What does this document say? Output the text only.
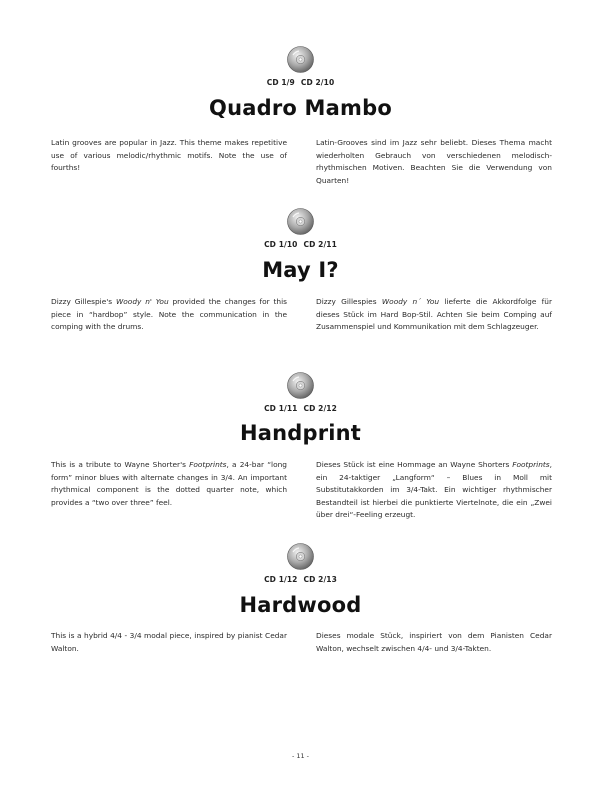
CD 1/9 CD 2/10
Quadro Mambo
Latin grooves are popular in Jazz. This theme makes repetitive use of various melodic/rhythmic motifs. Note the use of fourths!
Latin-Grooves sind im Jazz sehr beliebt. Dieses Thema macht wiederholten Gebrauch von verschiedenen melodisch-rhythmischen Motiven. Beachten Sie die Verwendung von Quarten!
CD 1/10 CD 2/11
May I?
Dizzy Gillespie's Woody n' You provided the changes for this piece in “hardbop” style. Note the communication in the comping with the drums.
Dizzy Gillespies Woody n´ You lieferte die Akkordfolge für dieses Stück im Hard Bop-Stil. Achten Sie beim Comping auf Zusammenspiel und Kommunikation mit dem Schlagzeuger.
CD 1/11 CD 2/12
Handprint
This is a tribute to Wayne Shorter's Footprints, a 24-bar “long form” minor blues with alternate changes in 3/4. An important rhythmical component is the dotted quarter note, which provides a “two over three” feel.
Dieses Stück ist eine Hommage an Wayne Shorters Footprints, ein 24-taktiger „Langform“ – Blues in Moll mit Substitutakkorden im 3/4-Takt. Ein wichtiger rhythmischer Bestandteil ist hierbei die punktierte Viertelnote, die ein „Zwei über drei“-Feeling erzeugt.
CD 1/12 CD 2/13
Hardwood
This is a hybrid 4/4 - 3/4 modal piece, inspired by pianist Cedar Walton.
Dieses modale Stück, inspiriert von dem Pianisten Cedar Walton, wechselt zwischen 4/4- und 3/4-Takten.
- 11 -
